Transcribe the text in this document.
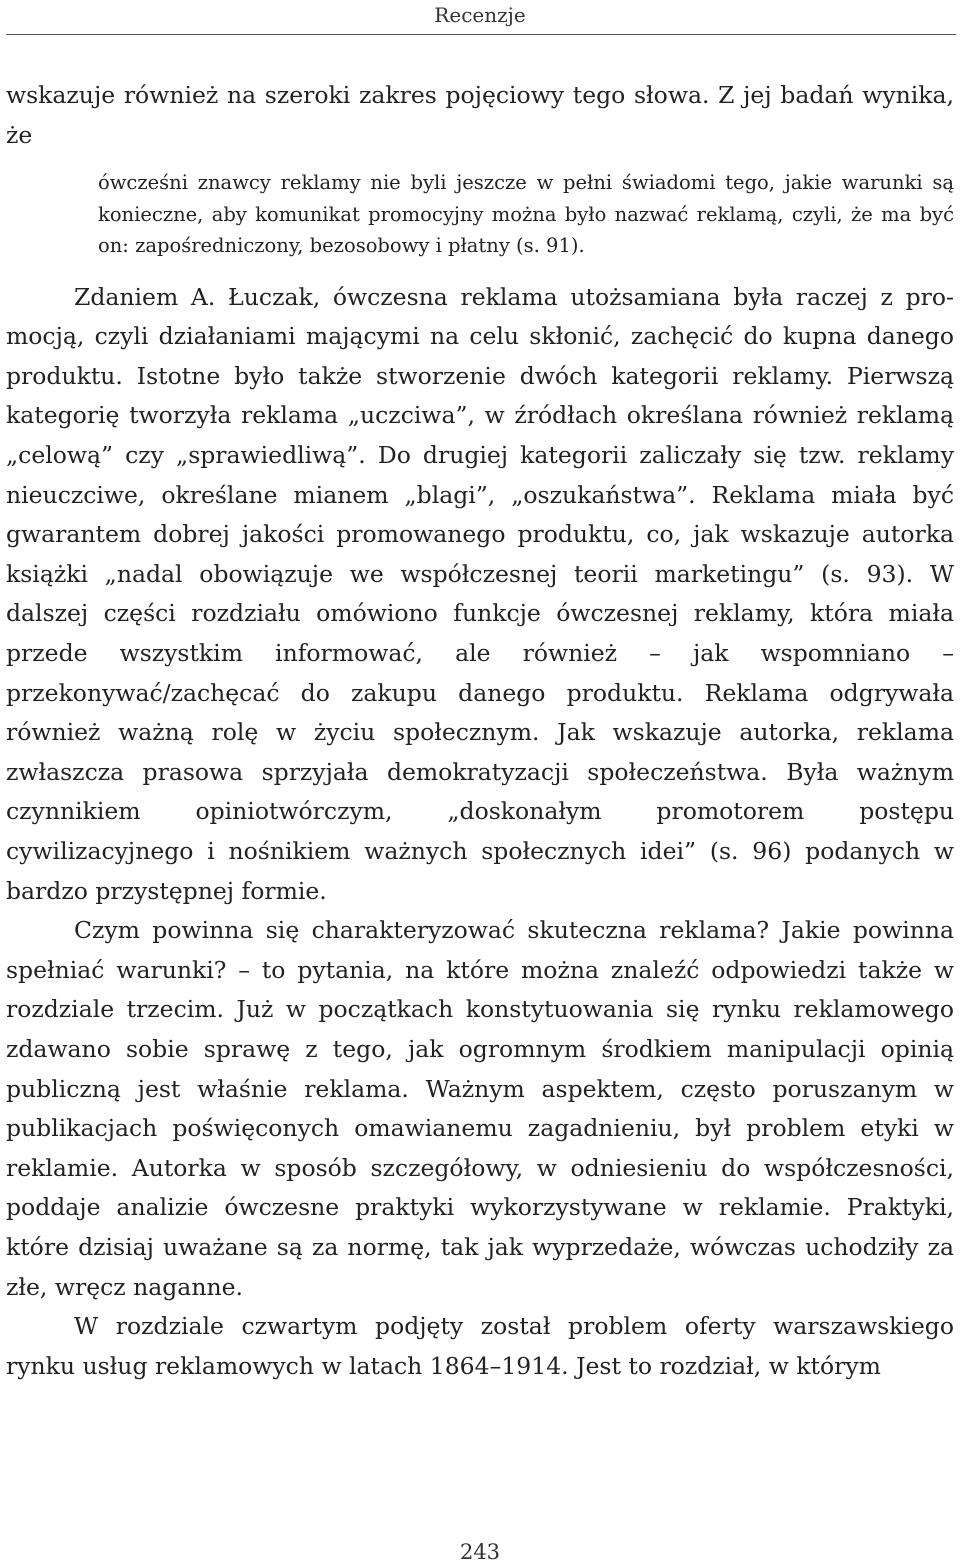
Recenzje

wskazuje również na szeroki zakres pojęciowy tego słowa. Z jej badań wynika, że

ówcześni znawcy reklamy nie byli jeszcze w pełni świadomi tego, jakie warunki są konieczne, aby komunikat promocyjny można było nazwać reklamą, czyli, że ma być on: zapośredniczony, bezosobowy i płatny (s. 91).

Zdaniem A. Łuczak, ówczesna reklama utożsamiana była raczej z promocją, czyli działaniami mającymi na celu skłonić, zachęcić do kupna danego produktu. Istotne było także stworzenie dwóch kategorii reklamy. Pierwszą kategorię tworzyła reklama „uczciwa”, w źródłach określana również reklamą „celową” czy „sprawiedliwą”. Do drugiej kategorii zaliczały się tzw. reklamy nieuczciwe, określane mianem „blagi”, „oszukaństwa”. Reklama miała być gwarantem dobrej jakości promowanego produktu, co, jak wskazuje autorka książki „nadal obowiązuje we współczesnej teorii marketingu” (s. 93). W dalszej części rozdziału omówiono funkcje ówczesnej reklamy, która miała przede wszystkim informować, ale również – jak wspomniano – przekonywać/zachęcać do zakupu danego produktu. Reklama odgrywała również ważną rolę w życiu społecznym. Jak wskazuje autorka, reklama zwłaszcza prasowa sprzyjała demokratyzacji społeczeństwa. Była ważnym czynnikiem opiniotwórczym, „doskonałym promotorem postępu cywilizacyjnego i nośnikiem ważnych społecznych idei” (s. 96) podanych w bardzo przystępnej formie.

Czym powinna się charakteryzować skuteczna reklama? Jakie powinna spełniać warunki? – to pytania, na które można znaleźć odpowiedzi także w rozdziale trzecim. Już w początkach konstytuowania się rynku reklamowego zdawano sobie sprawę z tego, jak ogromnym środkiem manipulacji opinią publiczną jest właśnie reklama. Ważnym aspektem, często poruszanym w publikacjach poświęconych omawianemu zagadnieniu, był problem etyki w reklamie. Autorka w sposób szczegółowy, w odniesieniu do współczesności, poddaje analizie ówczesne praktyki wykorzystywane w reklamie. Praktyki, które dzisiaj uważane są za normę, tak jak wyprzedaże, wówczas uchodziły za złe, wręcz naganne.

W rozdziale czwartym podjęty został problem oferty warszawskiego rynku usług reklamowych w latach 1864–1914. Jest to rozdział, w którym

243
